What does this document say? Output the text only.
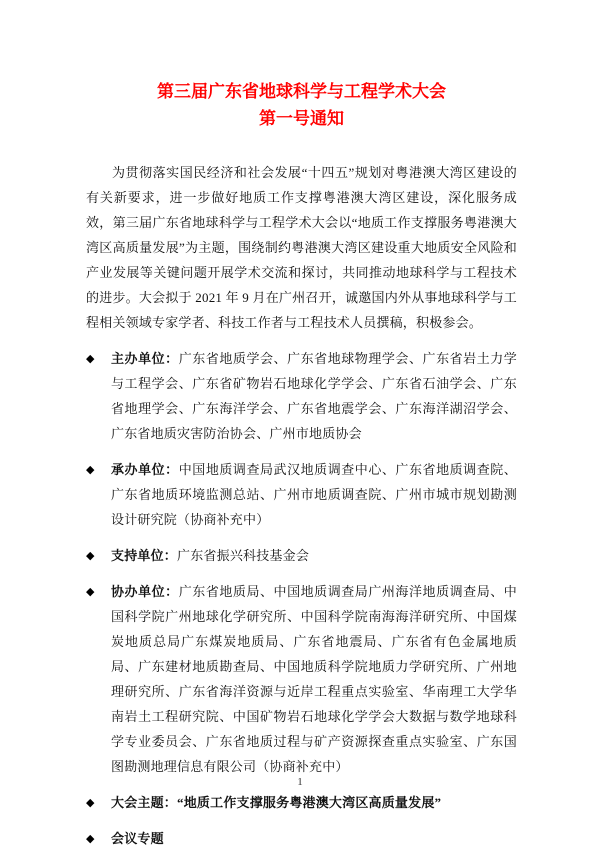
第三届广东省地球科学与工程学术大会
第一号通知

为贯彻落实国民经济和社会发展“十四五”规划对粤港澳大湾区建设的有关新要求，进一步做好地质工作支撑粤港澳大湾区建设，深化服务成效，第三届广东省地球科学与工程学术大会以“地质工作支撑服务粤港澳大湾区高质量发展”为主题，围绕制约粤港澳大湾区建设重大地质安全风险和产业发展等关键问题开展学术交流和探讨，共同推动地球科学与工程技术的进步。大会拟于 2021 年 9 月在广州召开，诚邀国内外从事地球科学与工程相关领域专家学者、科技工作者与工程技术人员撰稿，积极参会。

◆	主办单位：广东省地质学会、广东省地球物理学会、广东省岩土力学与工程学会、广东省矿物岩石地球化学学会、广东省石油学会、广东省地理学会、广东海洋学会、广东省地震学会、广东海洋湖沼学会、广东省地质灾害防治协会、广州市地质协会
◆	承办单位：中国地质调查局武汉地质调查中心、广东省地质调查院、广东省地质环境监测总站、广州市地质调查院、广州市城市规划勘测设计研究院（协商补充中）
◆	支持单位：广东省振兴科技基金会
◆	协办单位：广东省地质局、中国地质调查局广州海洋地质调查局、中国科学院广州地球化学研究所、中国科学院南海海洋研究所、中国煤炭地质总局广东煤炭地质局、广东省地震局、广东省有色金属地质局、广东建材地质勘查局、中国地质科学院地质力学研究所、广州地理研究所、广东省海洋资源与近岸工程重点实验室、华南理工大学华南岩土工程研究院、中国矿物岩石地球化学学会大数据与数学地球科学专业委员会、广东省地质过程与矿产资源探查重点实验室、广东国图勘测地理信息有限公司（协商补充中）
◆	大会主题：“地质工作支撑服务粤港澳大湾区高质量发展”
◆	会议专题
1
